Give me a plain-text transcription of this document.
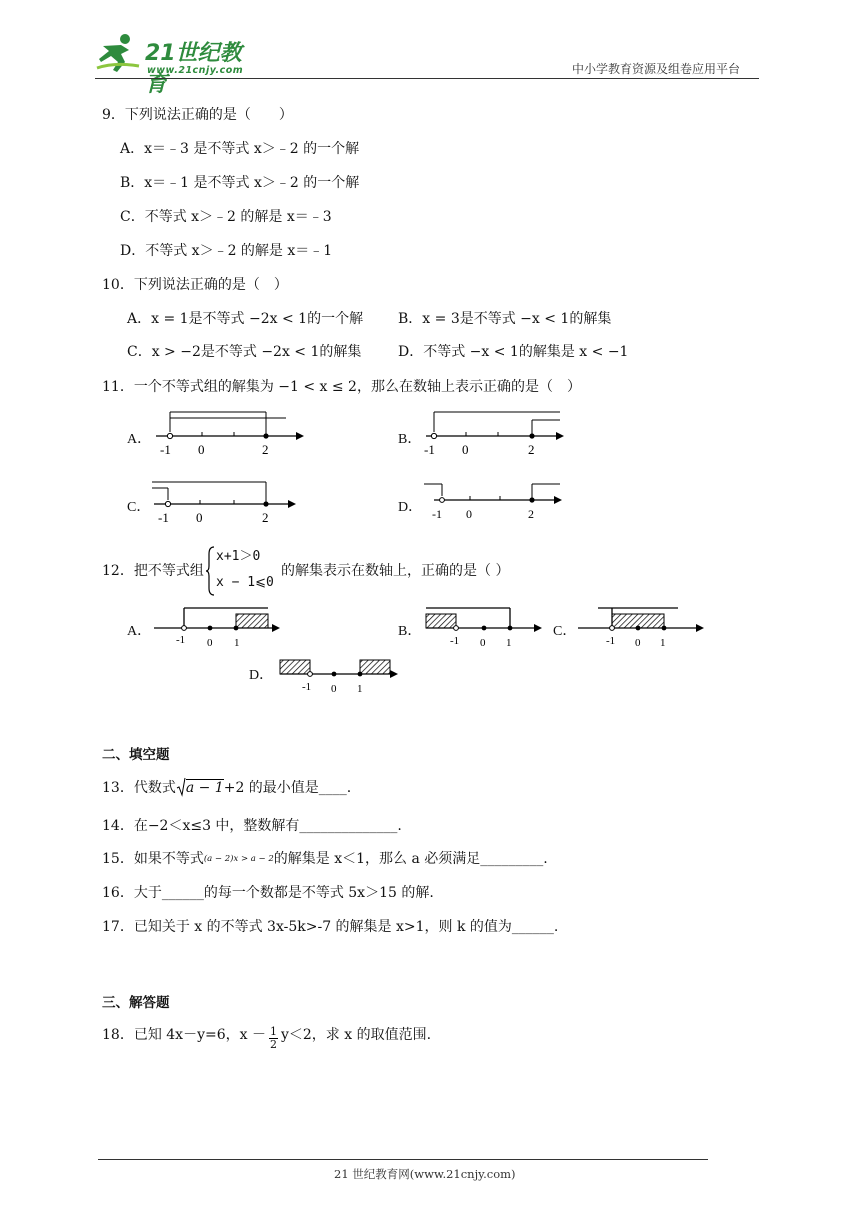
21世纪教育
www.21cnjy.com	中小学教育资源及组卷应用平台
9．下列说法正确的是（　　）
A．x＝﹣3 是不等式 x＞﹣2 的一个解
B．x＝﹣1 是不等式 x＞﹣2 的一个解
C．不等式 x＞﹣2 的解是 x＝﹣3
D．不等式 x＞﹣2 的解是 x＝﹣1
10．下列说法正确的是（　）
A．x = 1是不等式 −2x < 1的一个解 B．x = 3是不等式 −x < 1的解集
C．x > −2是不等式 −2x < 1的解集	D．不等式 −x < 1的解集是 x < −1
11．一个不等式组的解集为 −1 < x ≤ 2，那么在数轴上表示正确的是（　）
A．
-1 0	2
B．
-1 0	2
C．
-1 0	2
D． -1 0	2
12．把不等式组
x+1＞0
x − 1⩽0
的解集表示在数轴上，正确的是（ ）
A．
-1 0 1
B．
-1 0 1
C．
-1 0 1
D．
-1 0 1
二、填空题
13．代数式 a − 1+2 的最小值是____.
14．在−2＜x≤3 中，整数解有______________.
15．如果不等式(a − 2)x > a − 2的解集是 x＜1，那么 a 必须满足_________.
16．大于______的每一个数都是不等式 5x＞15 的解.
17．已知关于 x 的不等式 3x-5k>-7 的解集是 x>1，则 k 的值为______.
三、解答题
18．已知 4x－y=6，$x - \frac{1}{2} y<2$，求 x 的取值范围.
21 世纪教育网(www.21cnjy.com)
